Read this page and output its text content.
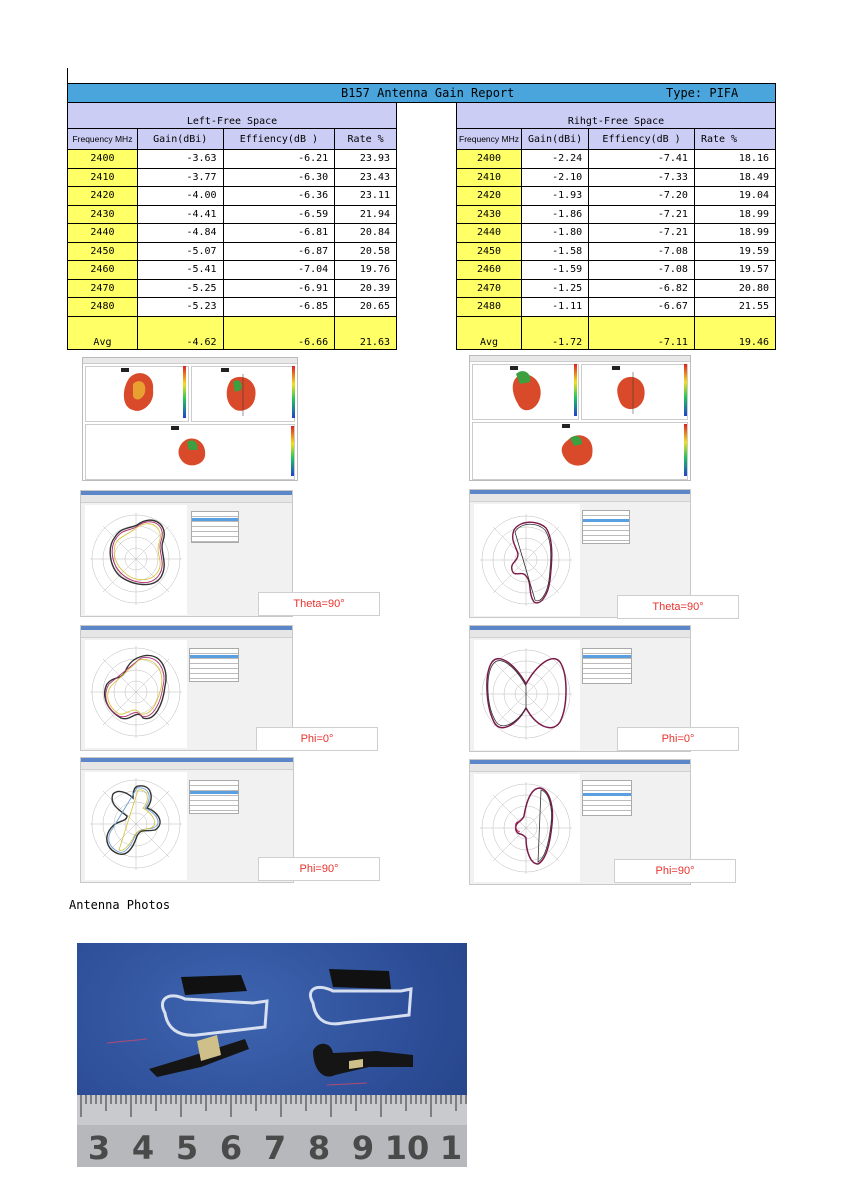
B157 Antenna Gain Report	Type: PIFA
Left-Free Space			
Frequency MHz	Gain(dBi)	Effiency(dB )	Rate %
2400	-3.63	-6.21	23.93
2410	-3.77	-6.30	23.43
2420	-4.00	-6.36	23.11
2430	-4.41	-6.59	21.94
2440	-4.84	-6.81	20.84
2450	-5.07	-6.87	20.58
2460	-5.41	-7.04	19.76
2470	-5.25	-6.91	20.39
2480	-5.23	-6.85	20.65
Avg	-4.62	-6.66	21.63
Rihgt-Free Space			
Frequency MHz	Gain(dBi)	Effiency(dB )	Rate %
2400	-2.24	-7.41	18.16
2410	-2.10	-7.33	18.49
2420	-1.93	-7.20	19.04
2430	-1.86	-7.21	18.99
2440	-1.80	-7.21	18.99
2450	-1.58	-7.08	19.59
2460	-1.59	-7.08	19.57
2470	-1.25	-6.82	20.80
2480	-1.11	-6.67	21.55
Avg	-1.72	-7.11	19.46
Theta=90°
Phi=0°
Phi=90°
Theta=90°
Phi=0°
Phi=90°
Antenna Photos
3 4 5 6 7 8 9 10 1
